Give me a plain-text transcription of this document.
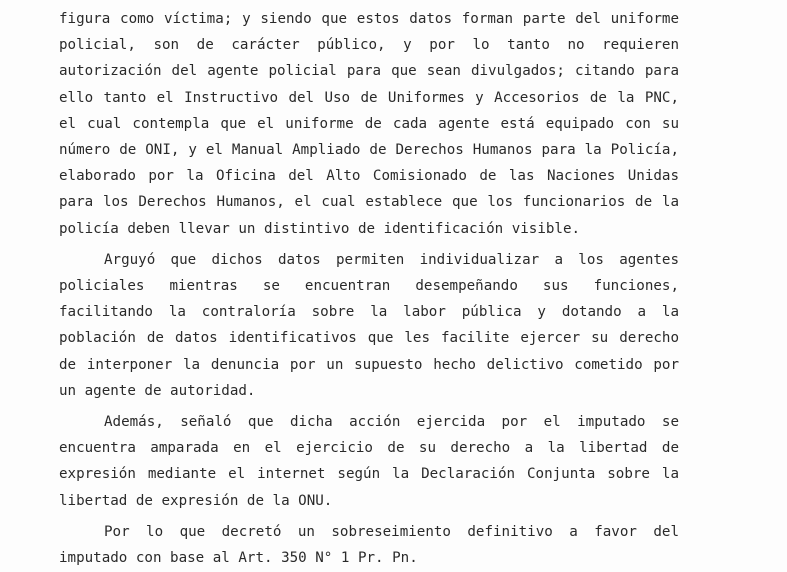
figura como víctima; y siendo que estos datos forman parte del uniforme policial, son de carácter público, y por lo tanto no requieren autorización del agente policial para que sean divulgados; citando para ello tanto el Instructivo del Uso de Uniformes y Accesorios de la PNC, el cual contempla que el uniforme de cada agente está equipado con su número de ONI, y el Manual Ampliado de Derechos Humanos para la Policía, elaborado por la Oficina del Alto Comisionado de las Naciones Unidas para los Derechos Humanos, el cual establece que los funcionarios de la policía deben llevar un distintivo de identificación visible.

Arguyó que dichos datos permiten individualizar a los agentes policiales mientras se encuentran desempeñando sus funciones, facilitando la contraloría sobre la labor pública y dotando a la población de datos identificativos que les facilite ejercer su derecho de interponer la denuncia por un supuesto hecho delictivo cometido por un agente de autoridad.

Además, señaló que dicha acción ejercida por el imputado se encuentra amparada en el ejercicio de su derecho a la libertad de expresión mediante el internet según la Declaración Conjunta sobre la libertad de expresión de la ONU.

Por lo que decretó un sobreseimiento definitivo a favor del imputado con base al Art. 350 N° 1 Pr. Pn.
